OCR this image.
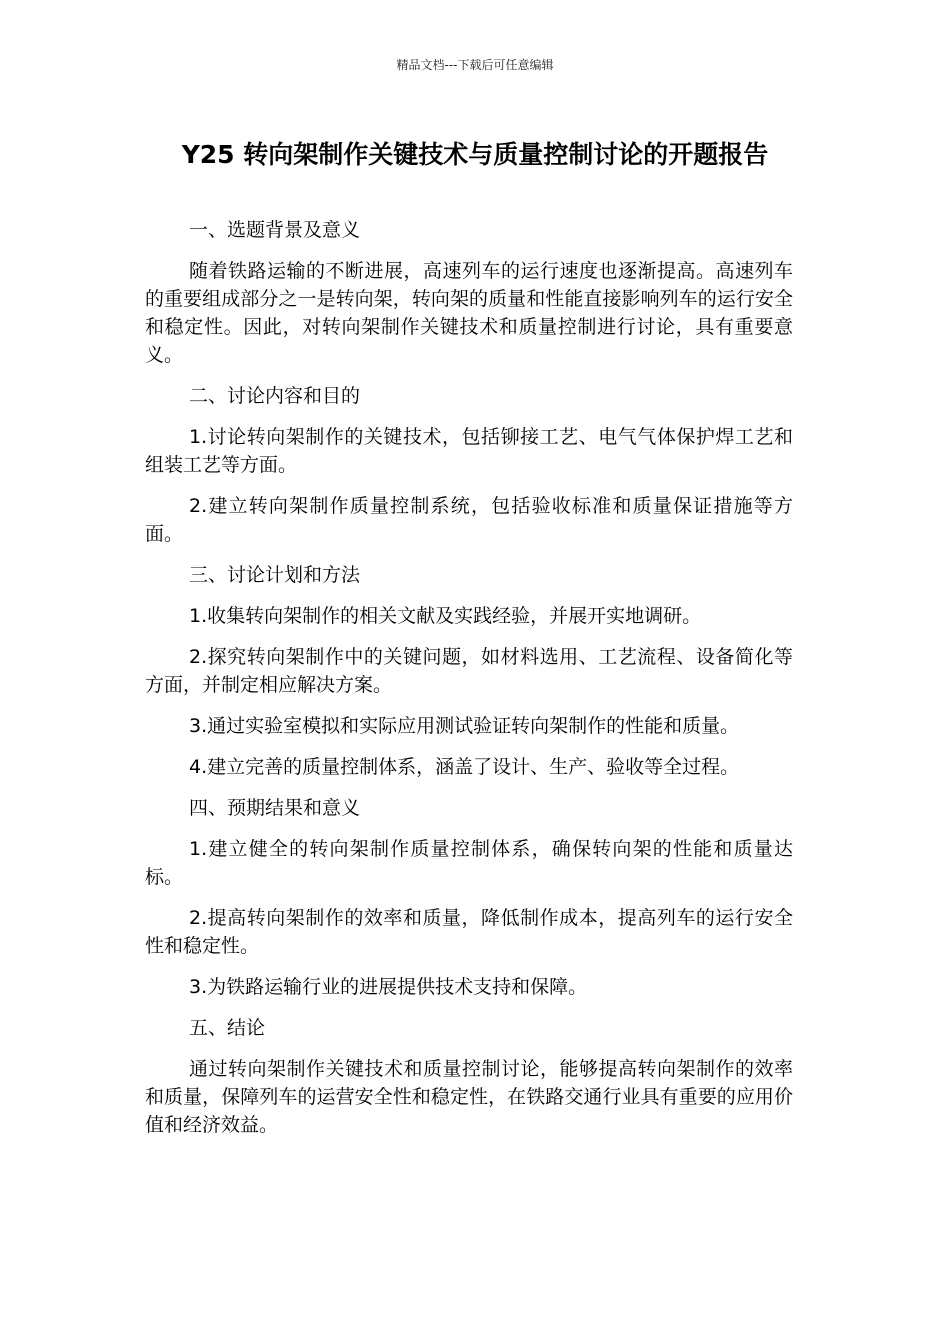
精品文档---下载后可任意编辑
Y25 转向架制作关键技术与质量控制讨论的开题报告

一、选题背景及意义

随着铁路运输的不断进展，高速列车的运行速度也逐渐提高。高速列车的重要组成部分之一是转向架，转向架的质量和性能直接影响列车的运行安全和稳定性。因此，对转向架制作关键技术和质量控制进行讨论，具有重要意义。

二、讨论内容和目的

1.讨论转向架制作的关键技术，包括铆接工艺、电气气体保护焊工艺和组装工艺等方面。

2.建立转向架制作质量控制系统，包括验收标准和质量保证措施等方面。

三、讨论计划和方法

1.收集转向架制作的相关文献及实践经验，并展开实地调研。

2.探究转向架制作中的关键问题，如材料选用、工艺流程、设备简化等方面，并制定相应解决方案。

3.通过实验室模拟和实际应用测试验证转向架制作的性能和质量。

4.建立完善的质量控制体系，涵盖了设计、生产、验收等全过程。

四、预期结果和意义

1.建立健全的转向架制作质量控制体系，确保转向架的性能和质量达标。

2.提高转向架制作的效率和质量，降低制作成本，提高列车的运行安全性和稳定性。

3.为铁路运输行业的进展提供技术支持和保障。

五、结论

通过转向架制作关键技术和质量控制讨论，能够提高转向架制作的效率和质量，保障列车的运营安全性和稳定性，在铁路交通行业具有重要的应用价值和经济效益。
